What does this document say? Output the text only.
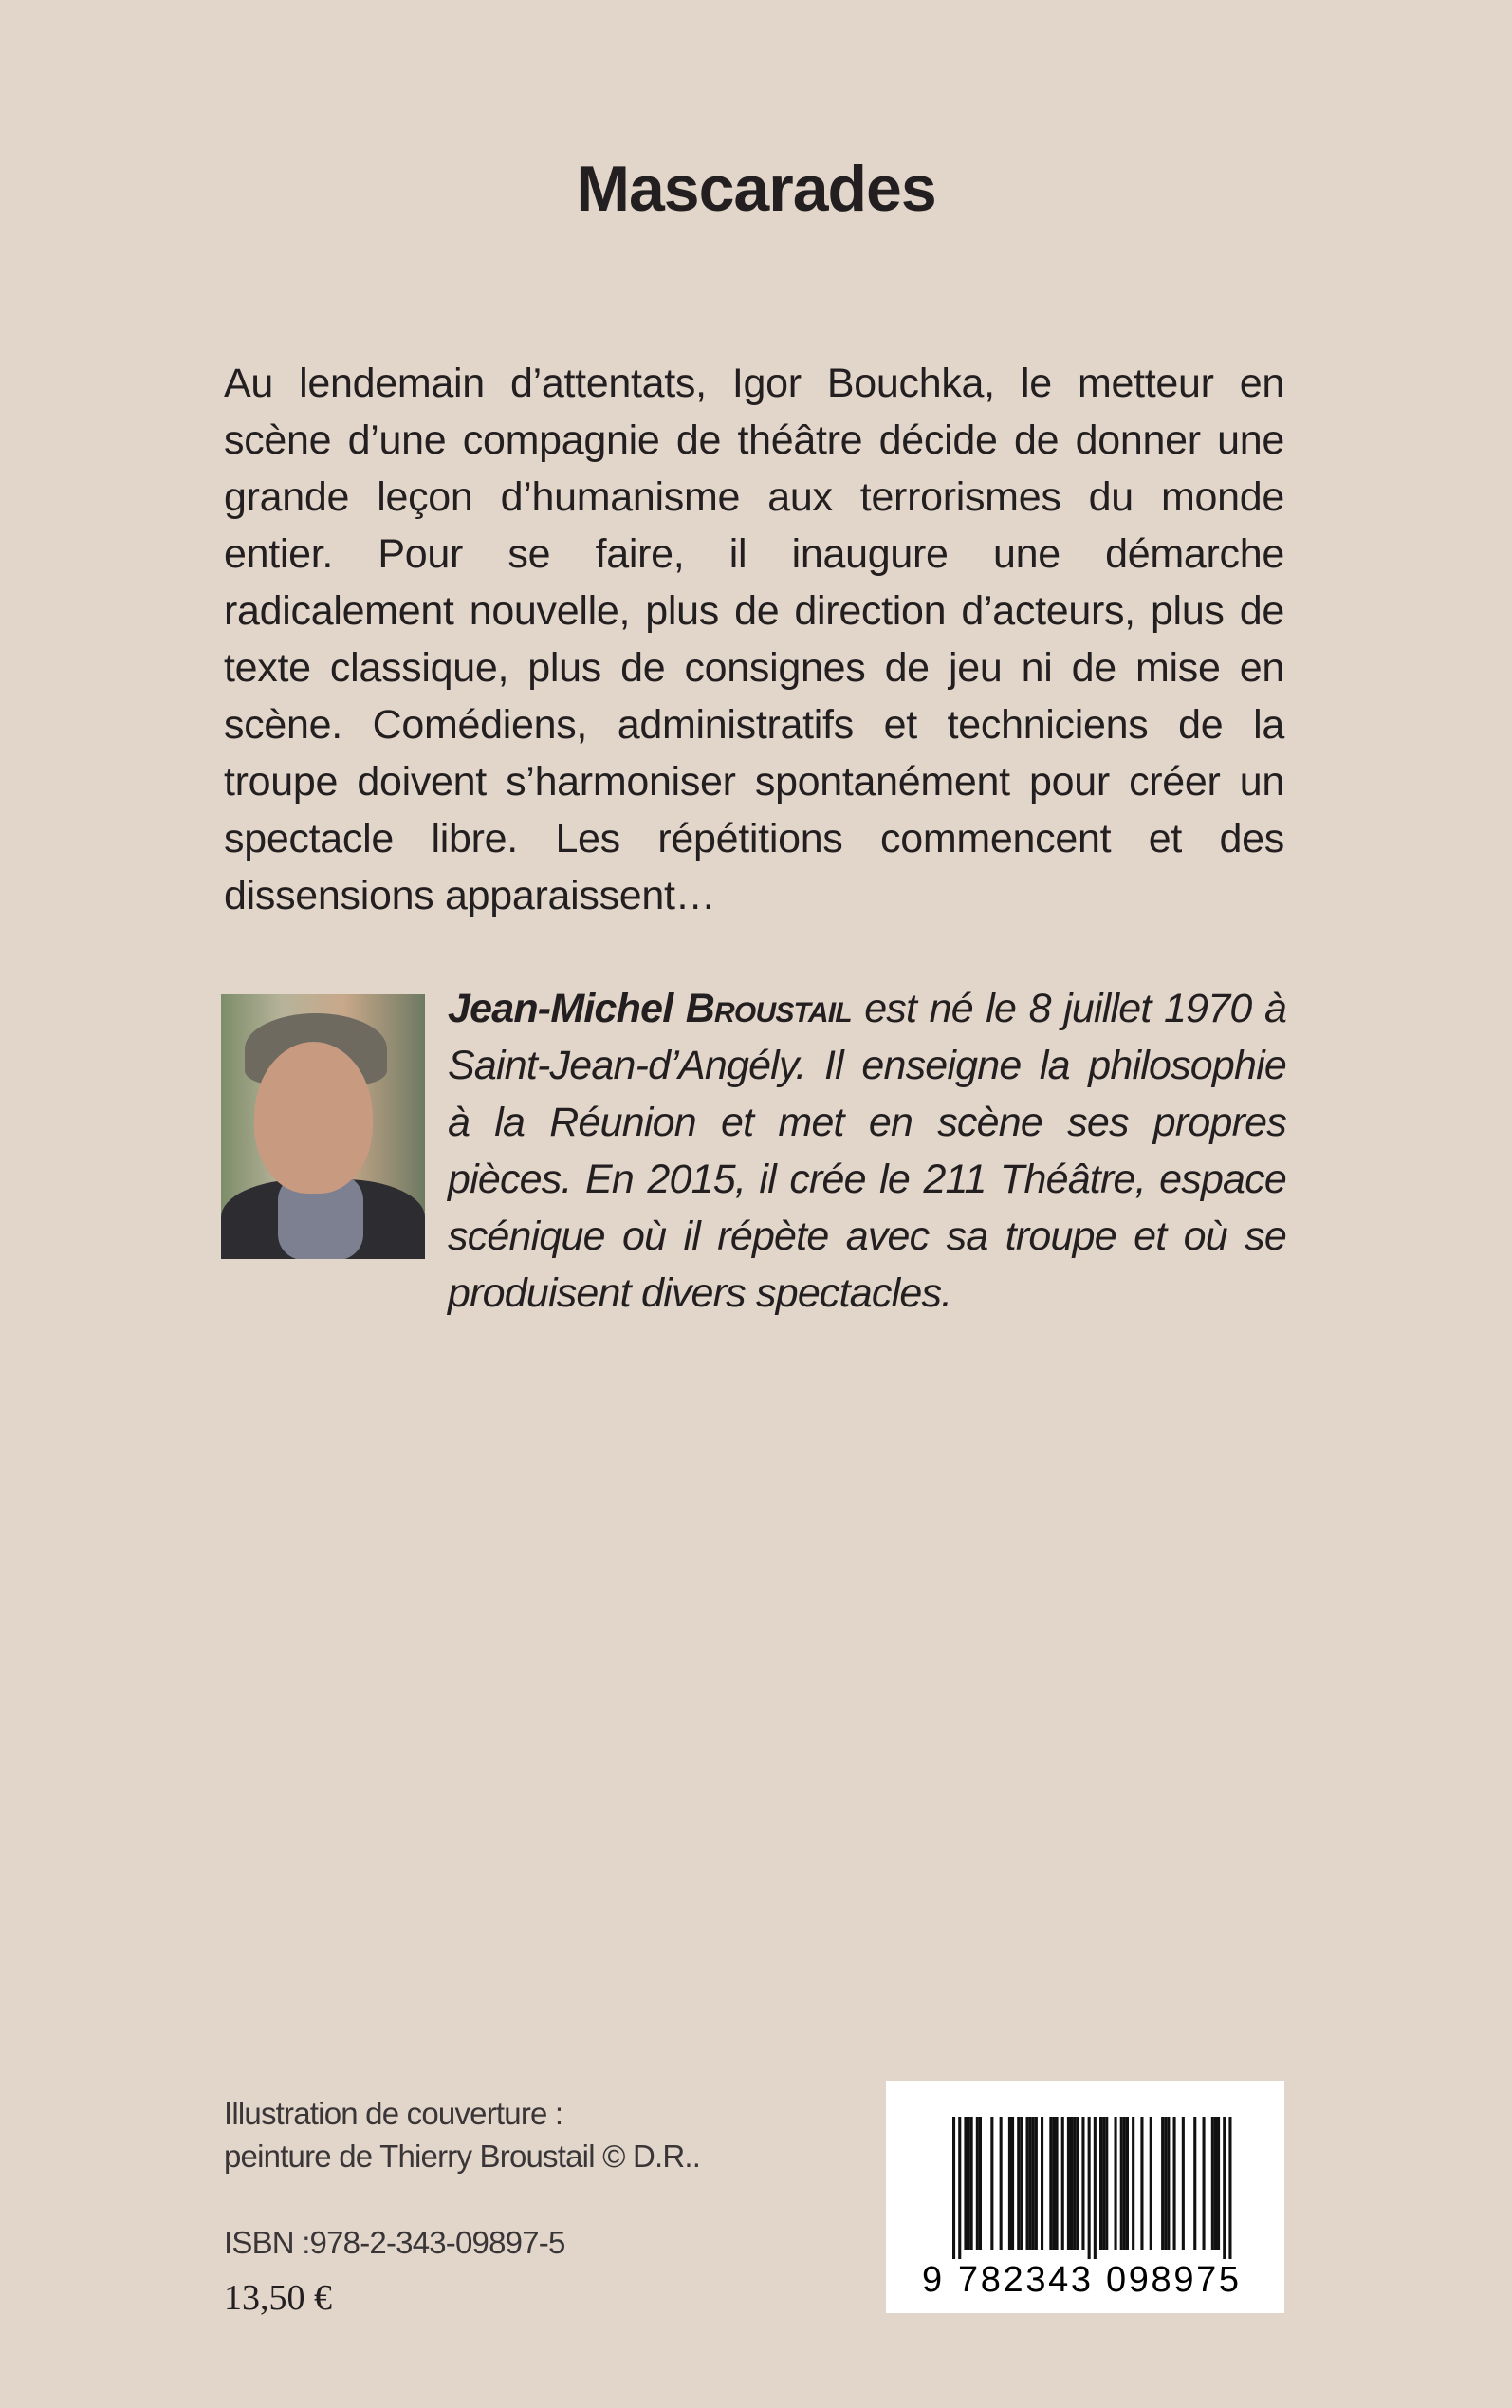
Mascarades
Au lendemain d’attentats, Igor Bouchka, le metteur en scène d’une compagnie de théâtre décide de donner une grande leçon d’humanisme aux terrorismes du monde entier. Pour se faire, il inaugure une démarche radicalement nouvelle, plus de direction d’acteurs, plus de texte classique, plus de consignes de jeu ni de mise en scène. Comédiens, administratifs et techniciens de la troupe doivent s’harmoniser spontanément pour créer un spectacle libre. Les répétitions commencent et des dissensions apparaissent…
Jean-Michel Broustail est né le 8 juillet 1970 à Saint-Jean-d’Angély. Il enseigne la philosophie à la Réunion et met en scène ses propres pièces. En 2015, il crée le 211 Théâtre, espace scénique où il répète avec sa troupe et où se produisent divers spectacles.
Illustration de couverture :
peinture de Thierry Broustail © D.R..
ISBN :978-2-343-09897-5
13,50 €	9 782343 098975
